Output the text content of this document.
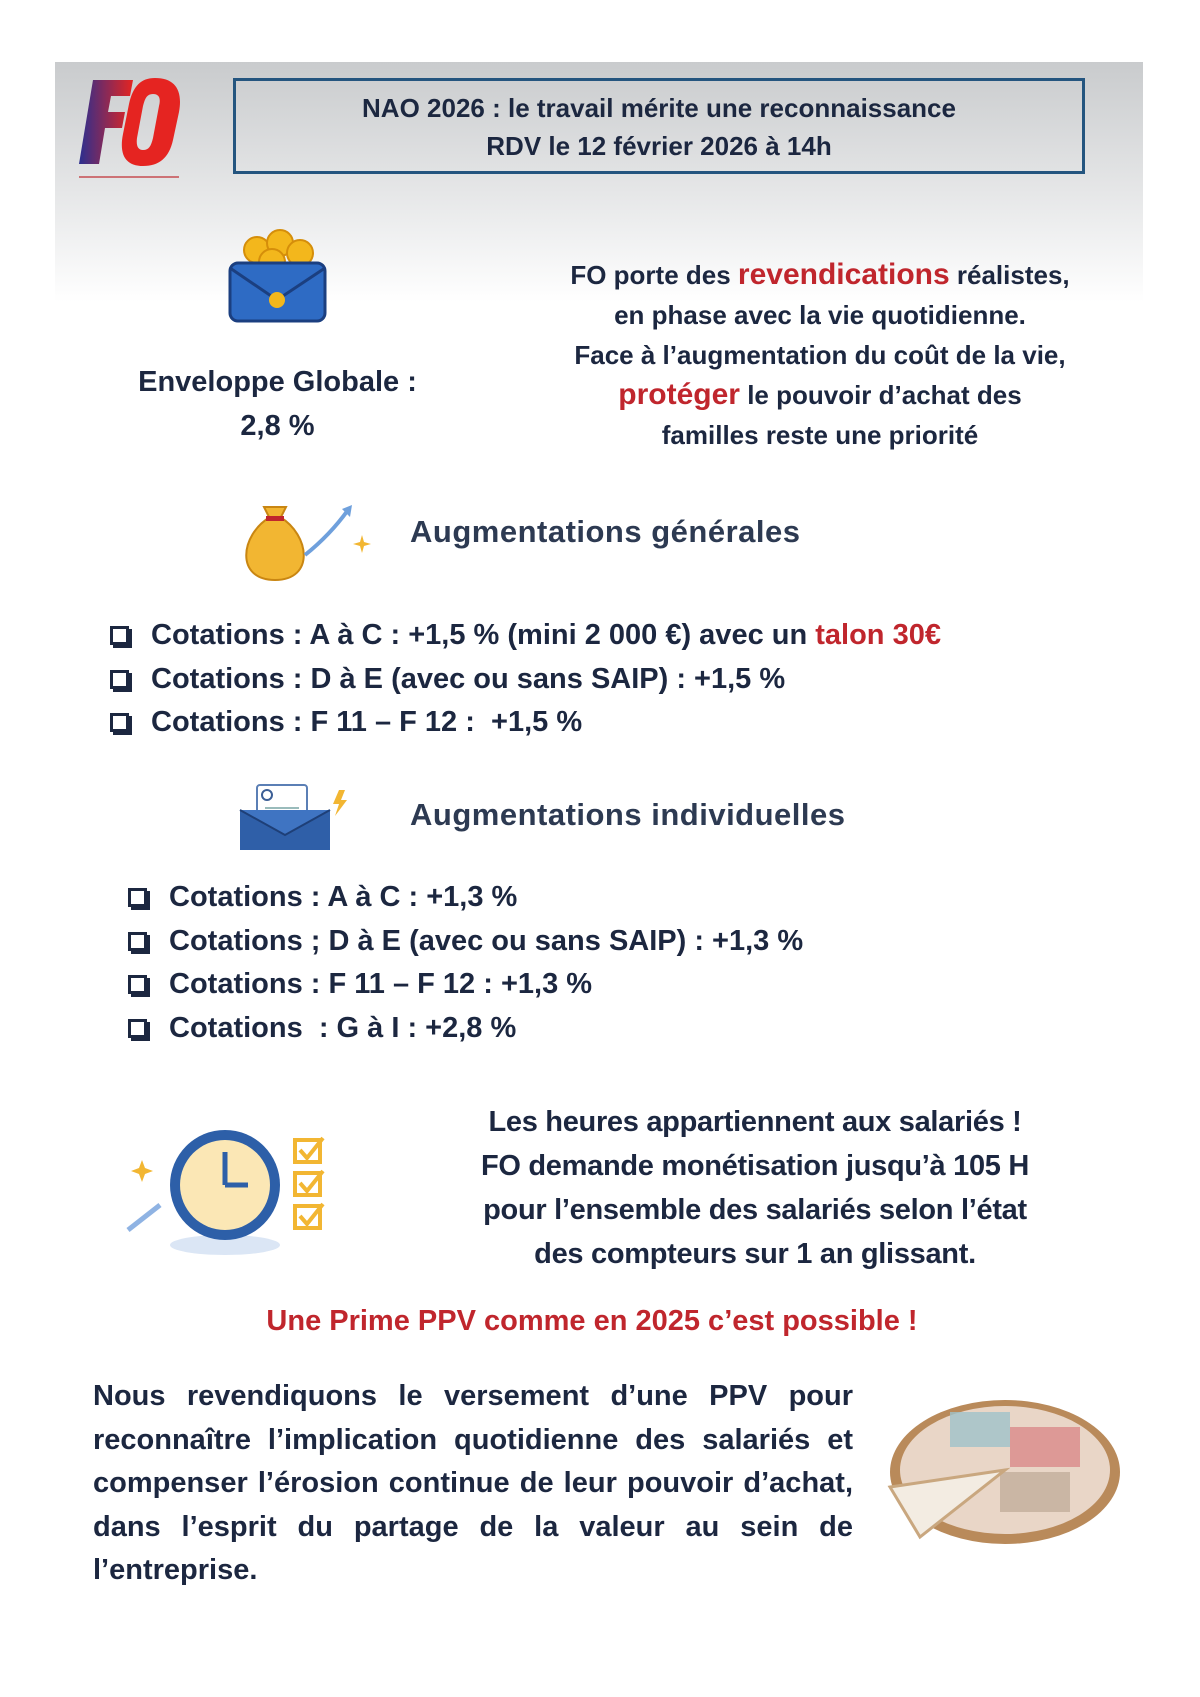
NAO 2026 : le travail mérite une reconnaissance
RDV le 12 février 2026 à 14h
Enveloppe Globale :
2,8 %
FO porte des revendications réalistes,
en phase avec la vie quotidienne.
Face à l’augmentation du coût de la vie,
protéger le pouvoir d’achat des
familles reste une priorité
Augmentations générales
Cotations : A à C : +1,5 % (mini 2 000 €) avec un talon 30€
Cotations : D à E (avec ou sans SAIP) : +1,5 %
Cotations : F 11 – F 12 :  +1,5 %
Augmentations individuelles
Cotations : A à C : +1,3 %
Cotations ; D à E (avec ou sans SAIP) : +1,3 %
Cotations : F 11 – F 12 : +1,3 %
Cotations  : G à I : +2,8 %
Les heures appartiennent aux salariés !
FO demande monétisation jusqu’à 105 H
pour l’ensemble des salariés selon l’état
des compteurs sur 1 an glissant.
Une Prime PPV comme en 2025 c’est possible !
Nous revendiquons le versement d’une PPV pour reconnaître l’implication quotidienne des salariés et compenser l’érosion continue de leur pouvoir d’achat, dans l’esprit du partage de la valeur au sein de l’entreprise.
